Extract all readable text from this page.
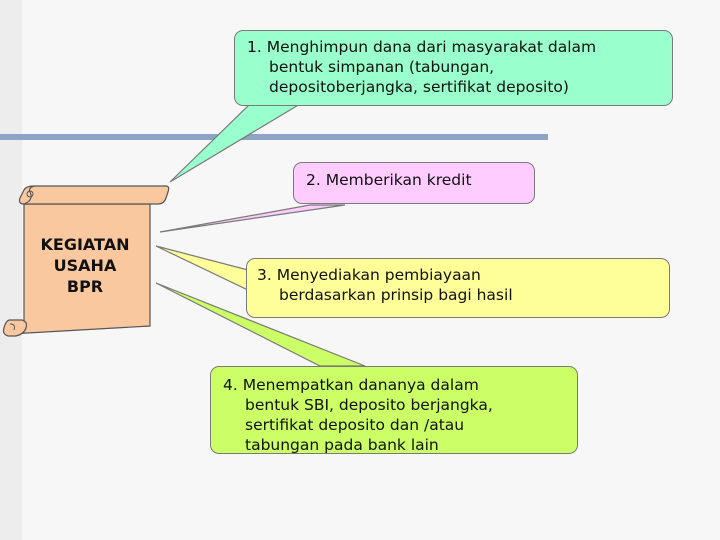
1. Menghimpun dana dari masyarakat dalam
bentuk simpanan (tabungan,
depositoberjangka, sertifikat deposito)
2. Memberikan kredit
3. Menyediakan pembiayaan
berdasarkan prinsip bagi hasil
4. Menempatkan dananya dalam
bentuk SBI, deposito berjangka,
sertifikat deposito dan /atau
tabungan pada bank lain
KEGIATAN
USAHA
BPR
